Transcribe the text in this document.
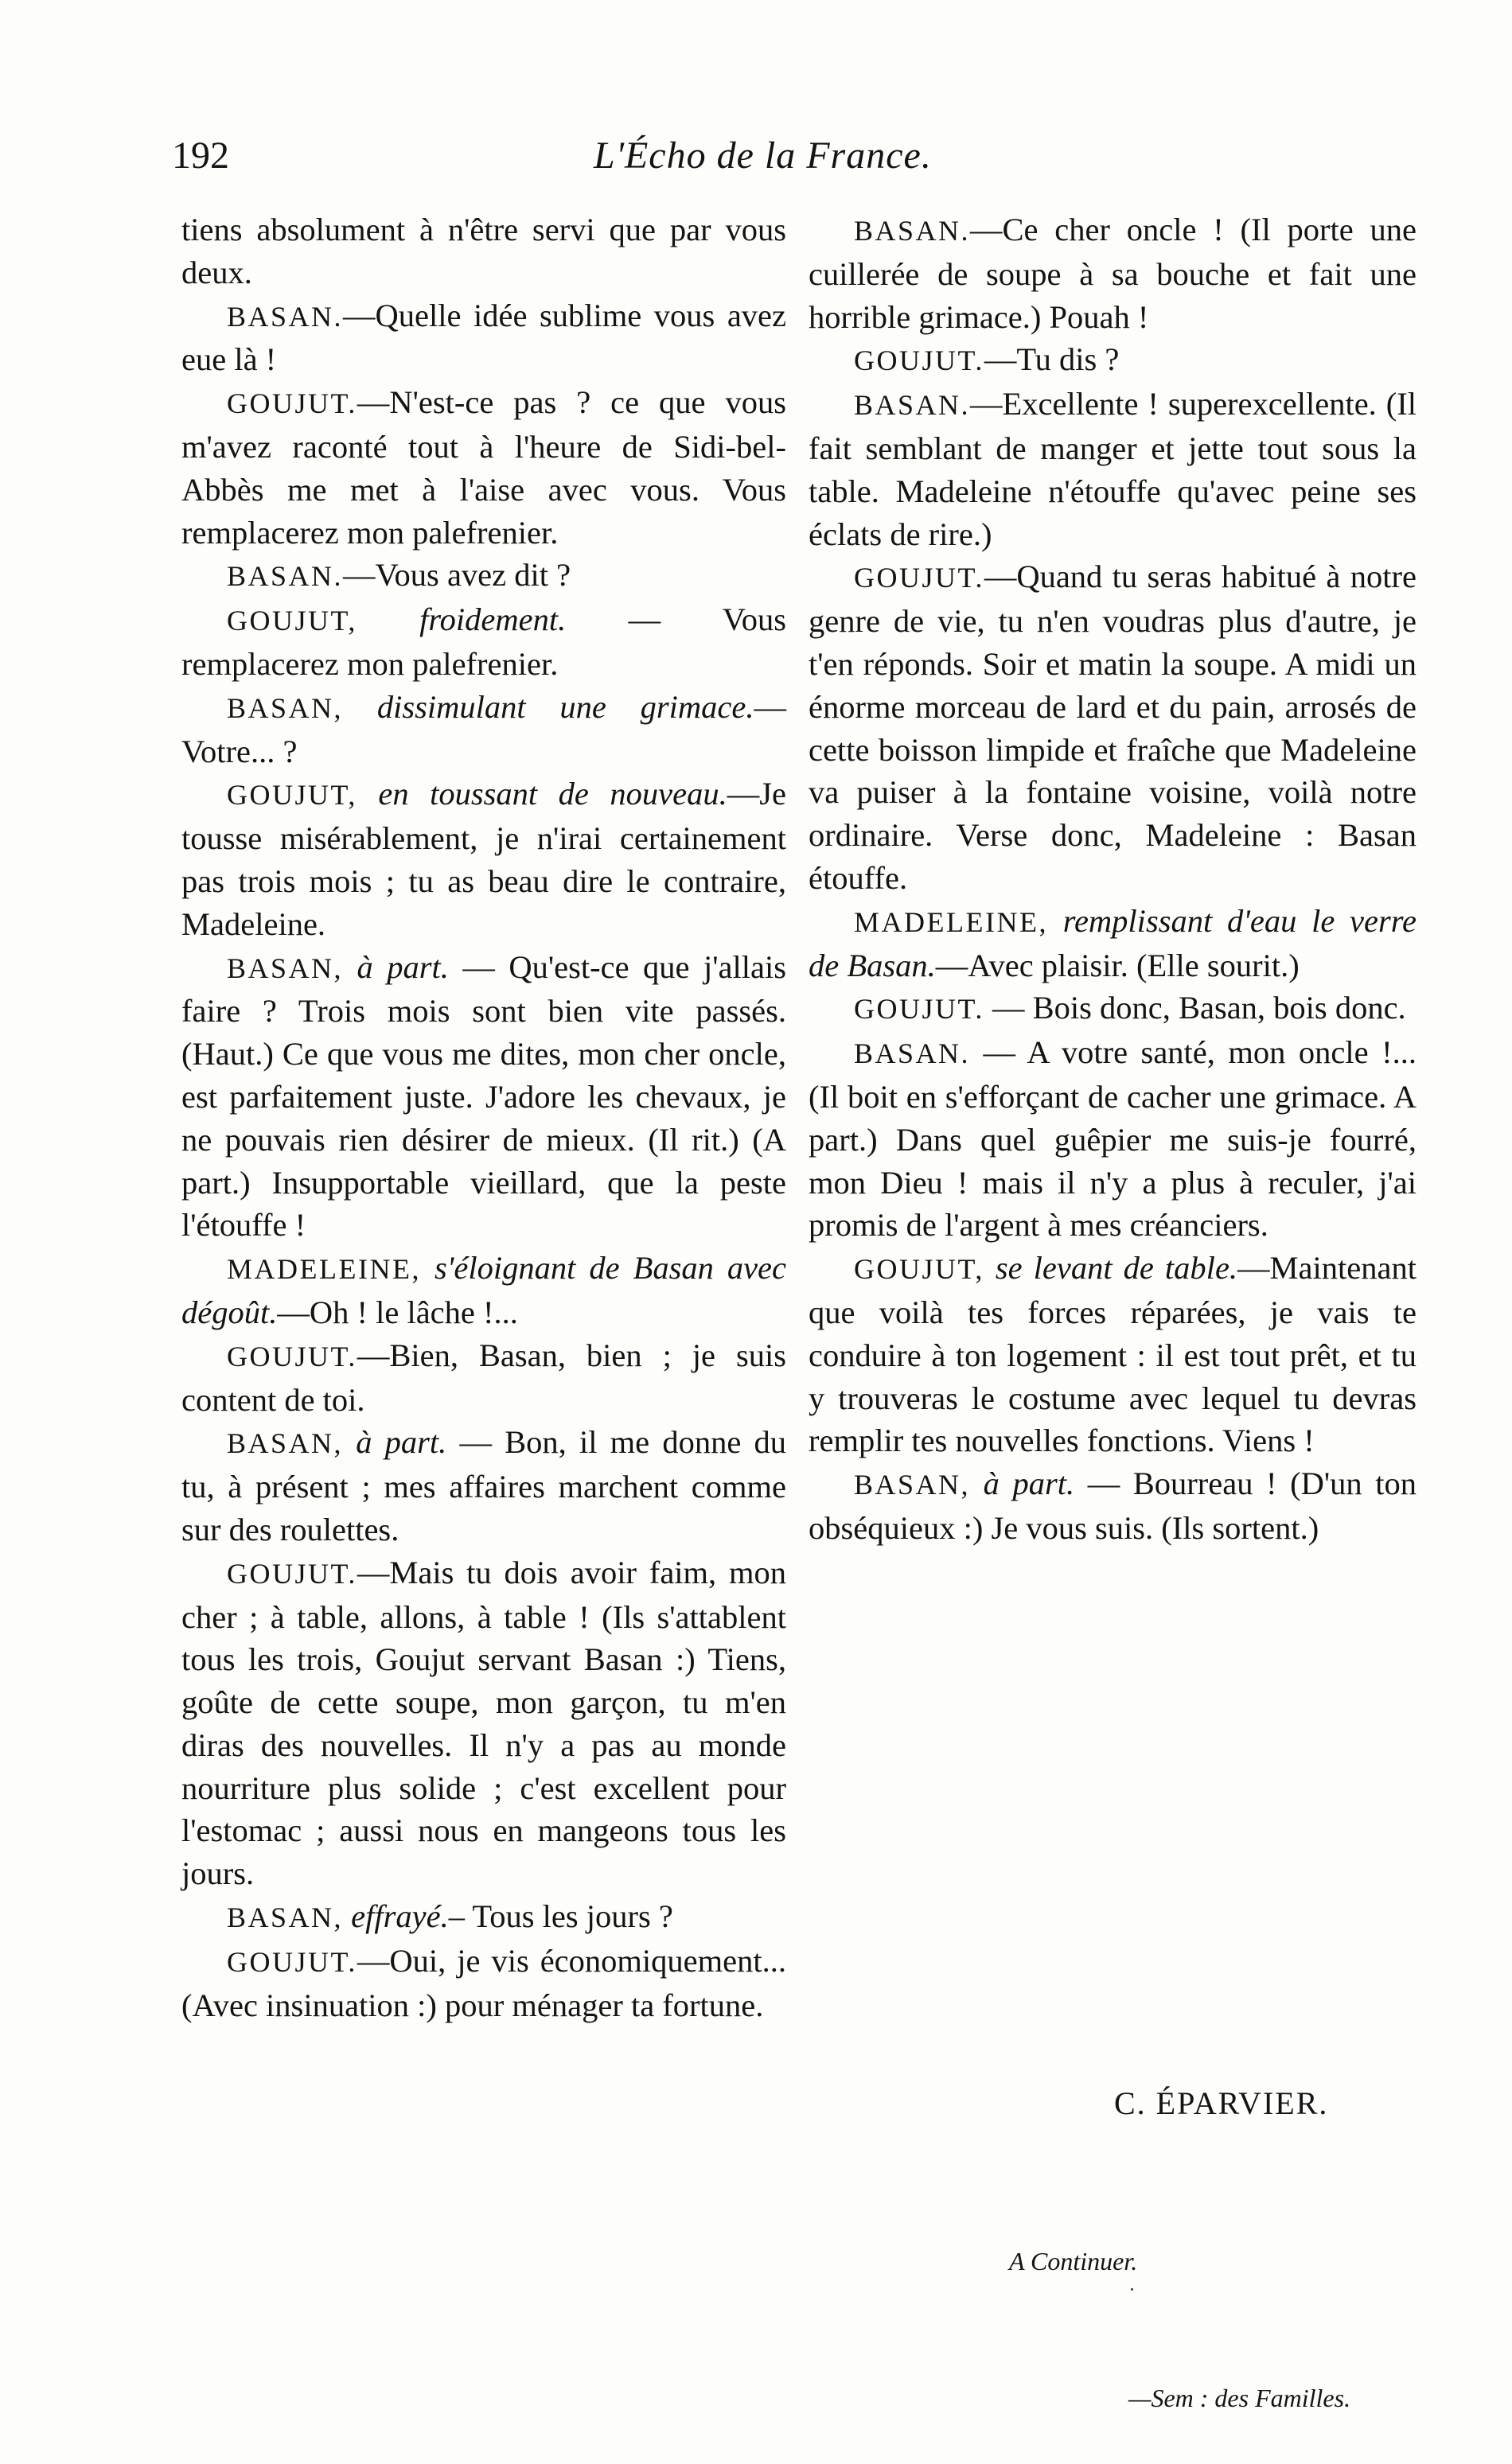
192	L'Écho de la France.

tiens absolument à n'être servi que par vous deux.

BASAN.—Quelle idée sublime vous avez eue là !

GOUJUT.—N'est-ce pas ? ce que vous m'avez raconté tout à l'heure de Sidi-bel-Abbès me met à l'aise avec vous. Vous remplacerez mon palefrenier.

BASAN.—Vous avez dit ?

GOUJUT, froidement. — Vous remplacerez mon palefrenier.

BASAN, dissimulant une grimace.—Votre... ?

GOUJUT, en toussant de nouveau.—Je tousse misérablement, je n'irai certainement pas trois mois ; tu as beau dire le contraire, Madeleine.

BASAN, à part. — Qu'est-ce que j'allais faire ? Trois mois sont bien vite passés. (Haut.) Ce que vous me dites, mon cher oncle, est parfaitement juste. J'adore les chevaux, je ne pouvais rien désirer de mieux. (Il rit.) (A part.) Insupportable vieillard, que la peste l'étouffe !

MADELEINE, s'éloignant de Basan avec dégoût.—Oh ! le lâche !...

GOUJUT.—Bien, Basan, bien ; je suis content de toi.

BASAN, à part. — Bon, il me donne du tu, à présent ; mes affaires marchent comme sur des roulettes.

GOUJUT.—Mais tu dois avoir faim, mon cher ; à table, allons, à table ! (Ils s'attablent tous les trois, Goujut servant Basan :) Tiens, goûte de cette soupe, mon garçon, tu m'en diras des nouvelles. Il n'y a pas au monde nourriture plus solide ; c'est excellent pour l'estomac ; aussi nous en mangeons tous les jours.

BASAN, effrayé.– Tous les jours ?

GOUJUT.—Oui, je vis économiquement... (Avec insinuation :) pour ménager ta fortune.

BASAN.—Ce cher oncle ! (Il porte une cuillerée de soupe à sa bouche et fait une horrible grimace.) Pouah !

GOUJUT.—Tu dis ?

BASAN.—Excellente ! superexcellente. (Il fait semblant de manger et jette tout sous la table. Madeleine n'étouffe qu'avec peine ses éclats de rire.)

GOUJUT.—Quand tu seras habitué à notre genre de vie, tu n'en voudras plus d'autre, je t'en réponds. Soir et matin la soupe. A midi un énorme morceau de lard et du pain, arrosés de cette boisson limpide et fraîche que Madeleine va puiser à la fontaine voisine, voilà notre ordinaire. Verse donc, Madeleine : Basan étouffe.

MADELEINE, remplissant d'eau le verre de Basan.—Avec plaisir. (Elle sourit.)

GOUJUT. — Bois donc, Basan, bois donc.

BASAN. — A votre santé, mon oncle !... (Il boit en s'efforçant de cacher une grimace. A part.) Dans quel guêpier me suis-je fourré, mon Dieu ! mais il n'y a plus à reculer, j'ai promis de l'argent à mes créanciers.

GOUJUT, se levant de table.—Maintenant que voilà tes forces réparées, je vais te conduire à ton logement : il est tout prêt, et tu y trouveras le costume avec lequel tu devras remplir tes nouvelles fonctions. Viens !

BASAN, à part. — Bourreau ! (D'un ton obséquieux :) Je vous suis. (Ils sortent.)

C. ÉPARVIER.
A Continuer.
—Sem : des Familles.
